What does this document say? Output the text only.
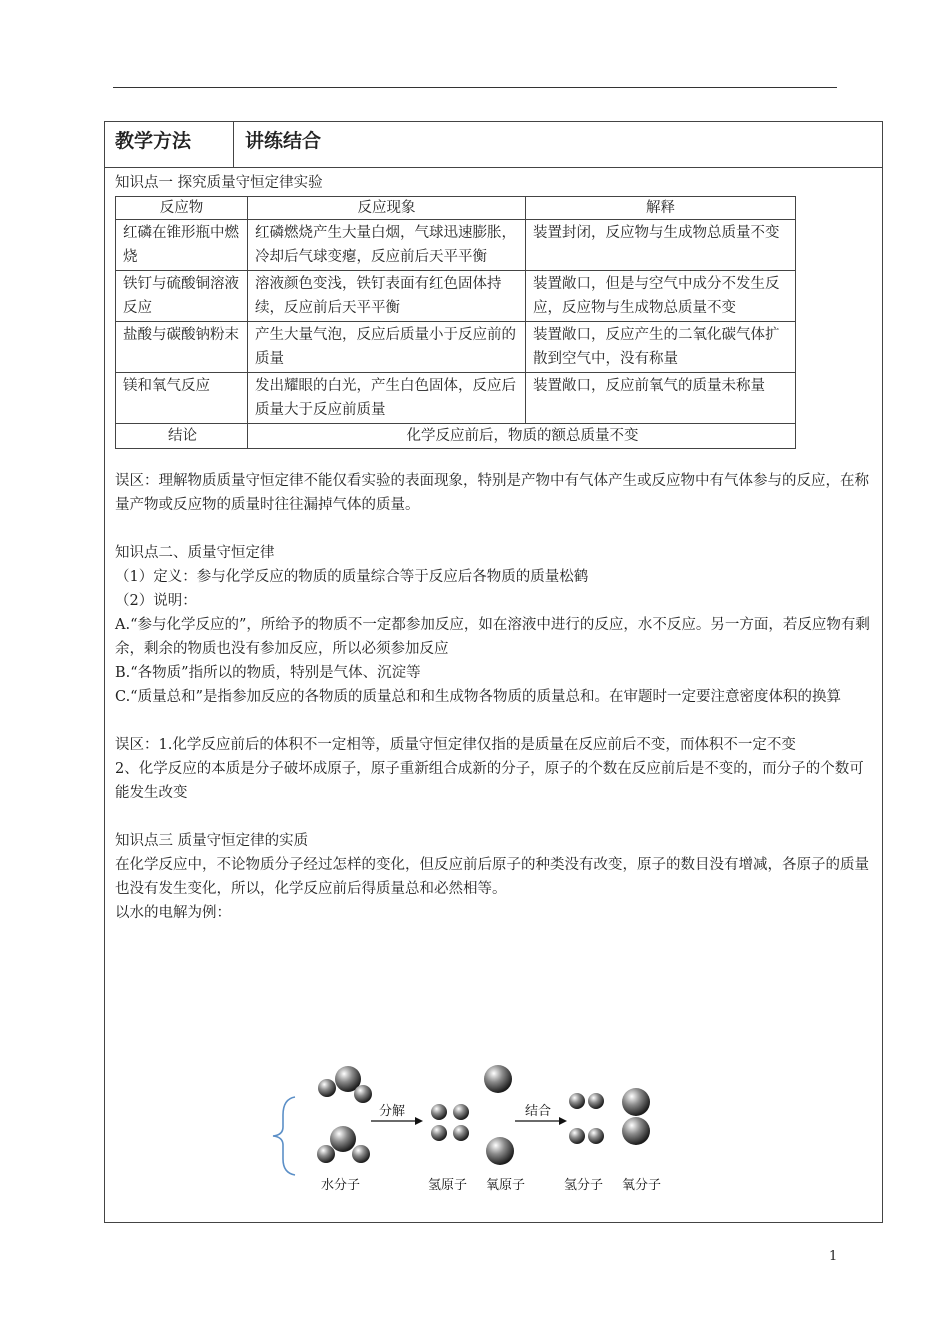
教学方法	讲练结合

知识点一 探究质量守恒定律实验

反应物	反应现象	解释
红磷在锥形瓶中燃烧	红磷燃烧产生大量白烟，气球迅速膨胀，冷却后气球变瘪，反应前后天平平衡	装置封闭，反应物与生成物总质量不变
铁钉与硫酸铜溶液反应	溶液颜色变浅，铁钉表面有红色固体持续，反应前后天平平衡	装置敞口，但是与空气中成分不发生反应，反应物与生成物总质量不变
盐酸与碳酸钠粉末	产生大量气泡，反应后质量小于反应前的质量	装置敞口，反应产生的二氧化碳气体扩散到空气中，没有称量
镁和氧气反应	发出耀眼的白光，产生白色固体，反应后质量大于反应前质量	装置敞口，反应前氧气的质量未称量
结论	化学反应前后，物质的额总质量不变	

误区：理解物质质量守恒定律不能仅看实验的表面现象，特别是产物中有气体产生或反应物中有气体参与的反应，在称量产物或反应物的质量时往往漏掉气体的质量。

知识点二、质量守恒定律

（1）定义：参与化学反应的物质的质量综合等于反应后各物质的质量松鹤

（2）说明：

A.“参与化学反应的”，所给予的物质不一定都参加反应，如在溶液中进行的反应，水不反应。另一方面，若反应物有剩余，剩余的物质也没有参加反应，所以必须参加反应

B.“各物质”指所以的物质，特别是气体、沉淀等

C.“质量总和”是指参加反应的各物质的质量总和和生成物各物质的质量总和。在审题时一定要注意密度体积的换算

误区：1.化学反应前后的体积不一定相等，质量守恒定律仅指的是质量在反应前后不变，而体积不一定不变

2、化学反应的本质是分子破坏成原子，原子重新组合成新的分子，原子的个数在反应前后是不变的，而分子的个数可能发生改变

知识点三 质量守恒定律的实质

在化学反应中，不论物质分子经过怎样的变化，但反应前后原子的种类没有改变，原子的数目没有增减，各原子的质量也没有发生变化，所以，化学反应前后得质量总和必然相等。

以水的电解为例：

分解	结合
水分子	氢原子 氧原子	氢分子 氧分子
1
